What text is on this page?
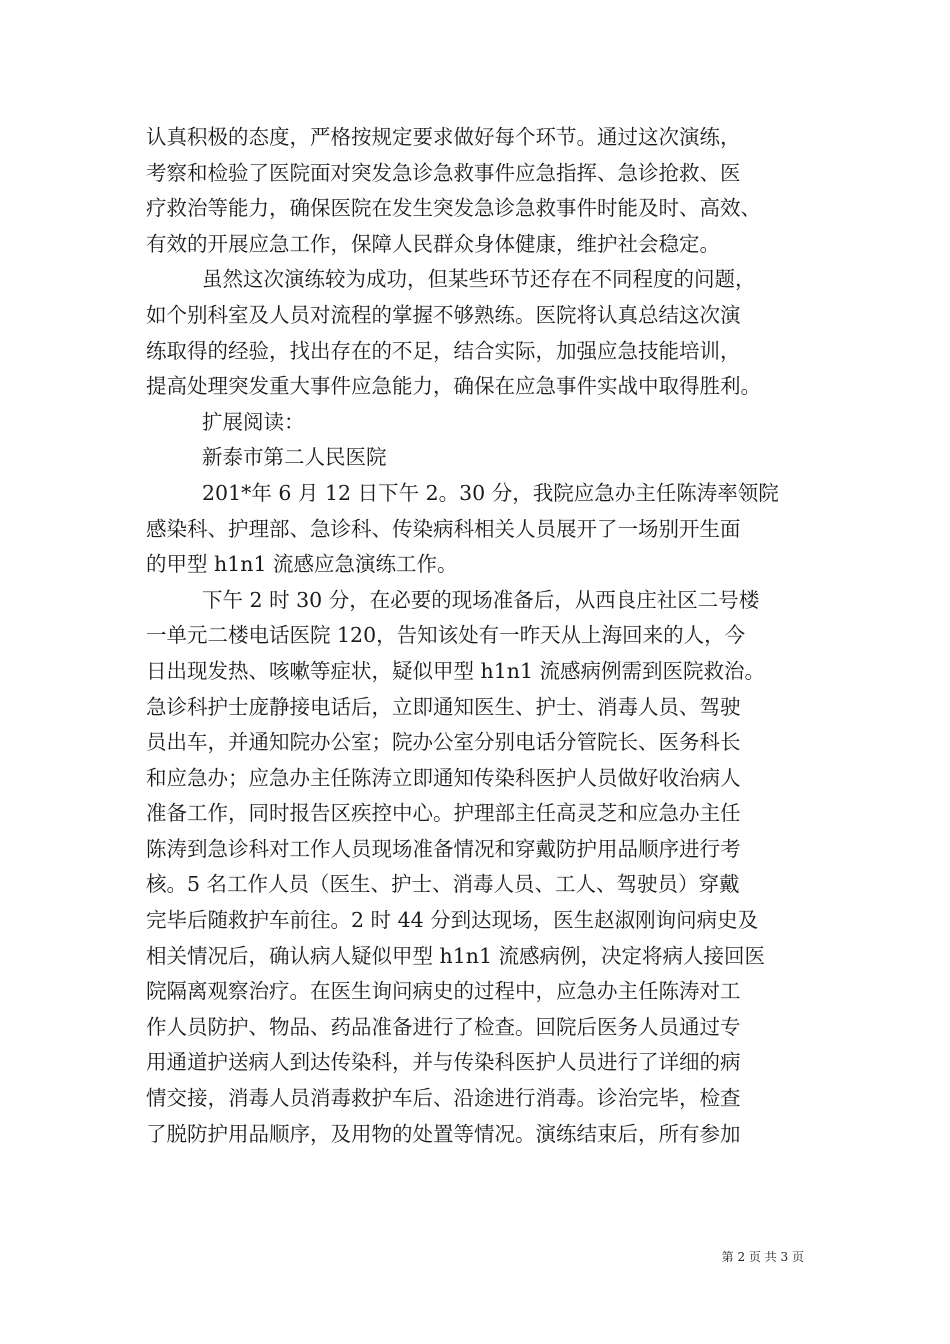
认真积极的态度，严格按规定要求做好每个环节。通过这次演练，
考察和检验了医院面对突发急诊急救事件应急指挥、急诊抢救、医
疗救治等能力，确保医院在发生突发急诊急救事件时能及时、高效、
有效的开展应急工作，保障人民群众身体健康，维护社会稳定。
虽然这次演练较为成功，但某些环节还存在不同程度的问题，
如个别科室及人员对流程的掌握不够熟练。医院将认真总结这次演
练取得的经验，找出存在的不足，结合实际，加强应急技能培训，
提高处理突发重大事件应急能力，确保在应急事件实战中取得胜利。
扩展阅读：
新泰市第二人民医院
201*年 6 月 12 日下午 2。30 分，我院应急办主任陈涛率领院
感染科、护理部、急诊科、传染病科相关人员展开了一场别开生面
的甲型 h1n1 流感应急演练工作。
下午 2 时 30 分，在必要的现场准备后，从西良庄社区二号楼
一单元二楼电话医院 120，告知该处有一昨天从上海回来的人，今
日出现发热、咳嗽等症状，疑似甲型 h1n1 流感病例需到医院救治。
急诊科护士庞静接电话后，立即通知医生、护士、消毒人员、驾驶
员出车，并通知院办公室；院办公室分别电话分管院长、医务科长
和应急办；应急办主任陈涛立即通知传染科医护人员做好收治病人
准备工作，同时报告区疾控中心。护理部主任高灵芝和应急办主任
陈涛到急诊科对工作人员现场准备情况和穿戴防护用品顺序进行考
核。5 名工作人员（医生、护士、消毒人员、工人、驾驶员）穿戴
完毕后随救护车前往。2 时 44 分到达现场，医生赵淑刚询问病史及
相关情况后，确认病人疑似甲型 h1n1 流感病例，决定将病人接回医
院隔离观察治疗。在医生询问病史的过程中，应急办主任陈涛对工
作人员防护、物品、药品准备进行了检查。回院后医务人员通过专
用通道护送病人到达传染科，并与传染科医护人员进行了详细的病
情交接，消毒人员消毒救护车后、沿途进行消毒。诊治完毕，检查
了脱防护用品顺序，及用物的处置等情况。演练结束后，所有参加
第 2 页 共 3 页
